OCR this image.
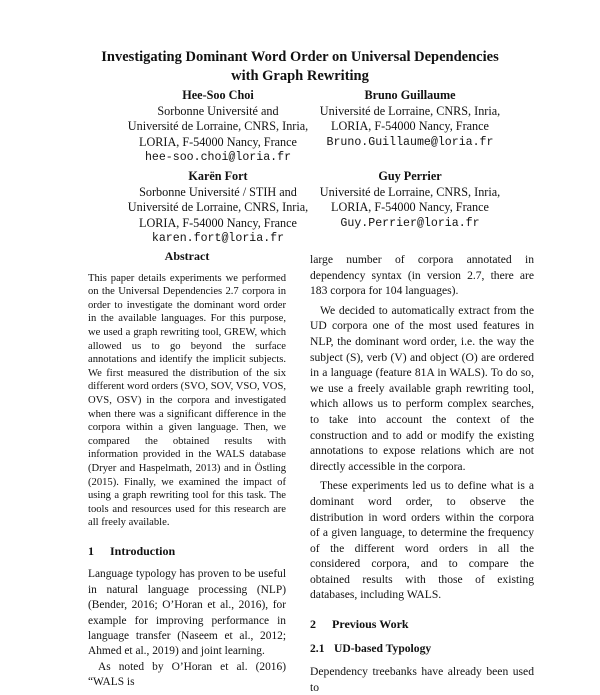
Investigating Dominant Word Order on Universal Dependencies
with Graph Rewriting
Hee-Soo Choi
Sorbonne Université and
Université de Lorraine, CNRS, Inria,
LORIA, F-54000 Nancy, France
hee-soo.choi@loria.fr
Bruno Guillaume
Université de Lorraine, CNRS, Inria,
LORIA, F-54000 Nancy, France
Bruno.Guillaume@loria.fr
Karën Fort
Sorbonne Université / STIH and
Université de Lorraine, CNRS, Inria,
LORIA, F-54000 Nancy, France
karen.fort@loria.fr
Guy Perrier
Université de Lorraine, CNRS, Inria,
LORIA, F-54000 Nancy, France
Guy.Perrier@loria.fr
Abstract

This paper details experiments we performed on the Universal Dependencies 2.7 corpora in order to investigate the dominant word order in the available languages. For this purpose, we used a graph rewriting tool, GREW, which allowed us to go beyond the surface annotations and identify the implicit subjects. We first measured the distribution of the six different word orders (SVO, SOV, VSO, VOS, OVS, OSV) in the corpora and investigated when there was a significant difference in the corpora within a given language. Then, we compared the obtained results with information provided in the WALS database (Dryer and Haspelmath, 2013) and in Östling (2015). Finally, we examined the impact of using a graph rewriting tool for this task. The tools and resources used for this research are all freely available.

1 Introduction

Language typology has proven to be useful in natural language processing (NLP) (Bender, 2016; O’Horan et al., 2016), for example for improving performance in language transfer (Naseem et al., 2012; Ahmed et al., 2019) and joint learning.

As noted by O’Horan et al. (2016) “WALS is

large number of corpora annotated in dependency syntax (in version 2.7, there are 183 corpora for 104 languages).

We decided to automatically extract from the UD corpora one of the most used features in NLP, the dominant word order, i.e. the way the subject (S), verb (V) and object (O) are ordered in a language (feature 81A in WALS). To do so, we use a freely available graph rewriting tool, which allows us to perform complex searches, to take into account the context of the construction and to add or modify the existing annotations to expose relations which are not directly accessible in the corpora.

These experiments led us to define what is a dominant word order, to observe the distribution in word orders within the corpora of a given language, to determine the frequency of the different word orders in all the considered corpora, and to compare the obtained results with those of existing databases, including WALS.

2 Previous Work
2.1 UD-based Typology

Dependency treebanks have already been used to
